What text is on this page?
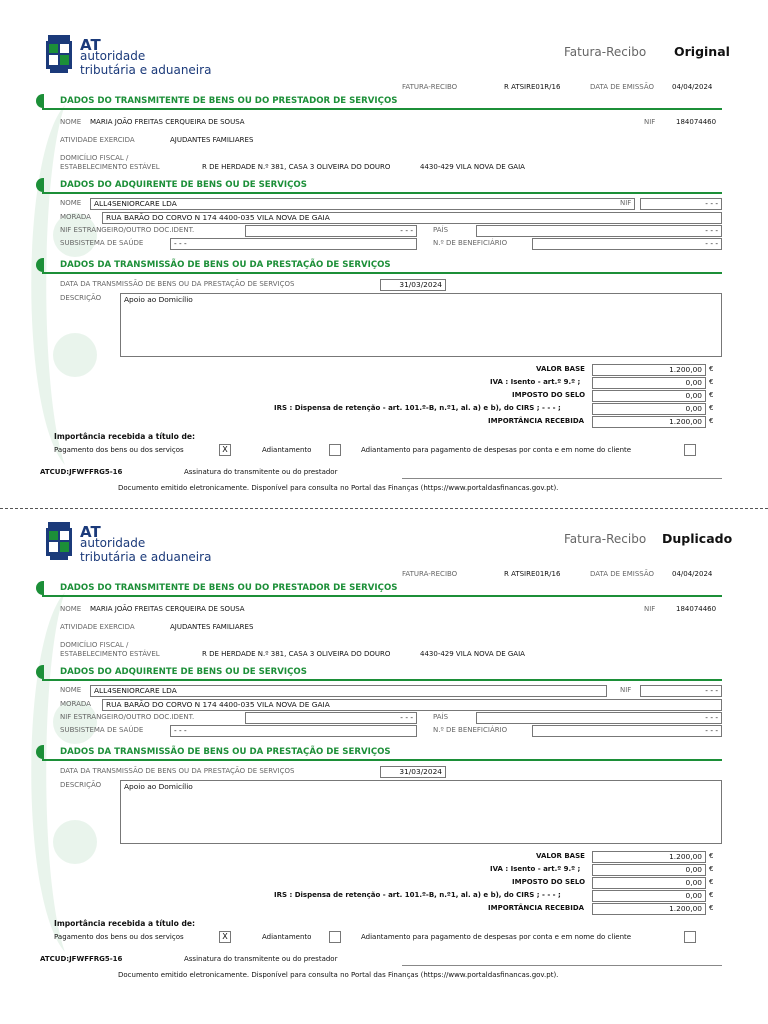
AT
autoridade
tributária e aduaneira
Fatura-Recibo Original
FATURA-RECIBO	R ATSIRE01R/16	DATA DE EMISSÃO	04/04/2024
DADOS DO TRANSMITENTE DE BENS OU DO PRESTADOR DE SERVIÇOS
NOME MARIA JOÃO FREITAS CERQUEIRA DE SOUSA	NIF	184074460
ATIVIDADE EXERCIDA	AJUDANTES FAMILIARES
DOMICÍLIO FISCAL /
ESTABELECIMENTO ESTÁVEL	R DE HERDADE N.º 381, CASA 3 OLIVEIRA DO DOURO	4430-429 VILA NOVA DE GAIA
DADOS DO ADQUIRENTE DE BENS OU DE SERVIÇOS
NOME	ALL4SENIORCARE LDA	NIF	- - -
MORADA	RUA BARÃO DO CORVO N 174 4400-035 VILA NOVA DE GAIA
NIF ESTRANGEIRO/OUTRO DOC.IDENT.	- - -	PAÍS	- - -
SUBSISTEMA DE SAÚDE	- - -	N.º DE BENEFICIÁRIO	- - -
DADOS DA TRANSMISSÃO DE BENS OU DA PRESTAÇÃO DE SERVIÇOS
DATA DA TRANSMISSÃO DE BENS OU DA PRESTAÇÃO DE SERVIÇOS	31/03/2024
DESCRIÇÃO	Apoio ao Domicílio
VALOR BASE	1.200,00	€
IVA : Isento - art.º 9.º ;	0,00	€
IMPOSTO DO SELO	0,00	€
IRS : Dispensa de retenção - art. 101.º-B, n.º1, al. a) e b), do CIRS ; - - - ;	0,00	€
IMPORTÂNCIA RECEBIDA	1.200,00	€
Importância recebida a título de:
Pagamento dos bens ou dos serviços	X	Adiantamento	Adiantamento para pagamento de despesas por conta e em nome do cliente
ATCUD:JFWFFRG5-16	Assinatura do transmitente ou do prestador
Documento emitido eletronicamente. Disponível para consulta no Portal das Finanças (https://www.portaldasfinancas.gov.pt).
AT
autoridade
tributária e aduaneira
Fatura-Recibo Duplicado
FATURA-RECIBO	R ATSIRE01R/16	DATA DE EMISSÃO	04/04/2024
DADOS DO TRANSMITENTE DE BENS OU DO PRESTADOR DE SERVIÇOS
NOME MARIA JOÃO FREITAS CERQUEIRA DE SOUSA	NIF	184074460
ATIVIDADE EXERCIDA	AJUDANTES FAMILIARES
DOMICÍLIO FISCAL /
ESTABELECIMENTO ESTÁVEL	R DE HERDADE N.º 381, CASA 3 OLIVEIRA DO DOURO	4430-429 VILA NOVA DE GAIA
DADOS DO ADQUIRENTE DE BENS OU DE SERVIÇOS
NOME	ALL4SENIORCARE LDA	NIF	- - -
MORADA	RUA BARÃO DO CORVO N 174 4400-035 VILA NOVA DE GAIA
NIF ESTRANGEIRO/OUTRO DOC.IDENT.	- - -	PAÍS	- - -
SUBSISTEMA DE SAÚDE	- - -	N.º DE BENEFICIÁRIO	- - -
DADOS DA TRANSMISSÃO DE BENS OU DA PRESTAÇÃO DE SERVIÇOS
DATA DA TRANSMISSÃO DE BENS OU DA PRESTAÇÃO DE SERVIÇOS	31/03/2024
DESCRIÇÃO	Apoio ao Domicílio
VALOR BASE	1.200,00	€
IVA : Isento - art.º 9.º ;	0,00	€
IMPOSTO DO SELO	0,00	€
IRS : Dispensa de retenção - art. 101.º-B, n.º1, al. a) e b), do CIRS ; - - - ;	0,00	€
IMPORTÂNCIA RECEBIDA	1.200,00	€
Importância recebida a título de:
Pagamento dos bens ou dos serviços	X	Adiantamento	Adiantamento para pagamento de despesas por conta e em nome do cliente
ATCUD:JFWFFRG5-16	Assinatura do transmitente ou do prestador
Documento emitido eletronicamente. Disponível para consulta no Portal das Finanças (https://www.portaldasfinancas.gov.pt).
